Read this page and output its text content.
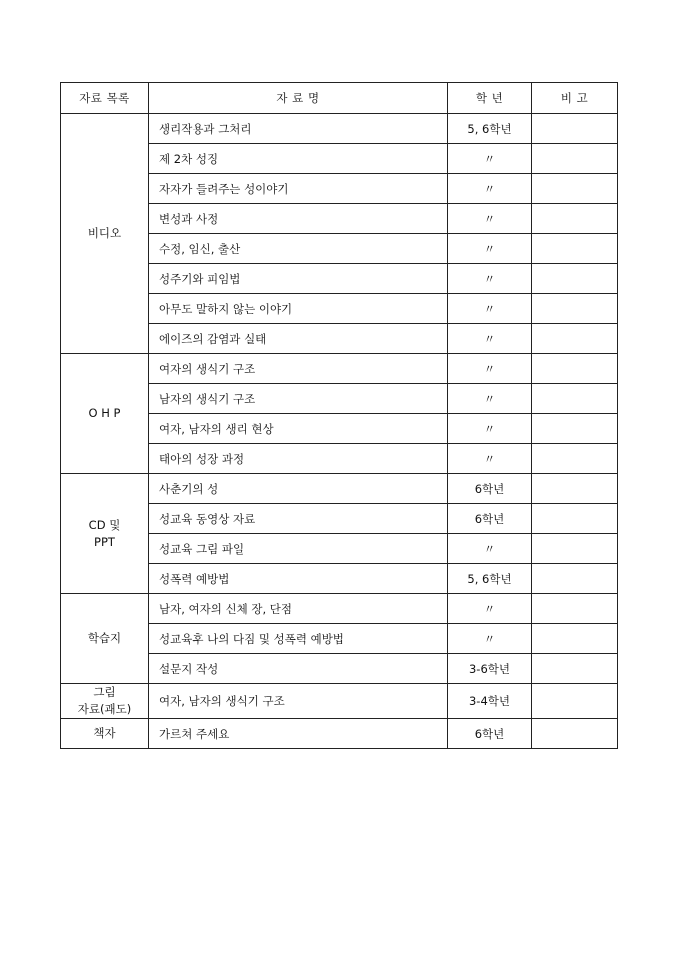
자료 목록	자 료 명	학 년	비 고
비디오	생리작용과 그처리	5, 6학년	
	제 2차 성징	〃	
	자자가 들려주는 성이야기	〃	
	변성과 사정	〃	
	수정, 임신, 출산	〃	
	성주기와 피임법	〃	
	아무도 말하지 않는 이야기	〃	
	에이즈의 감염과 실태	〃	
O H P	여자의 생식기 구조	〃	
	남자의 생식기 구조	〃	
	여자, 남자의 생리 현상	〃	
	태아의 성장 과정	〃	

CD 및
PPT	사춘기의 성	6학년	
	성교육 동영상 자료	6학년	
	성교육 그림 파일	〃	
	성폭력 예방법	5, 6학년	
학습지	남자, 여자의 신체 장, 단점	〃	
	성교육후 나의 다짐 및 성폭력 예방법	〃	
	설문지 작성	3-6학년	

그림
자료(괘도)	여자, 남자의 생식기 구조	3-4학년	
책자	가르쳐 주세요	6학년	
